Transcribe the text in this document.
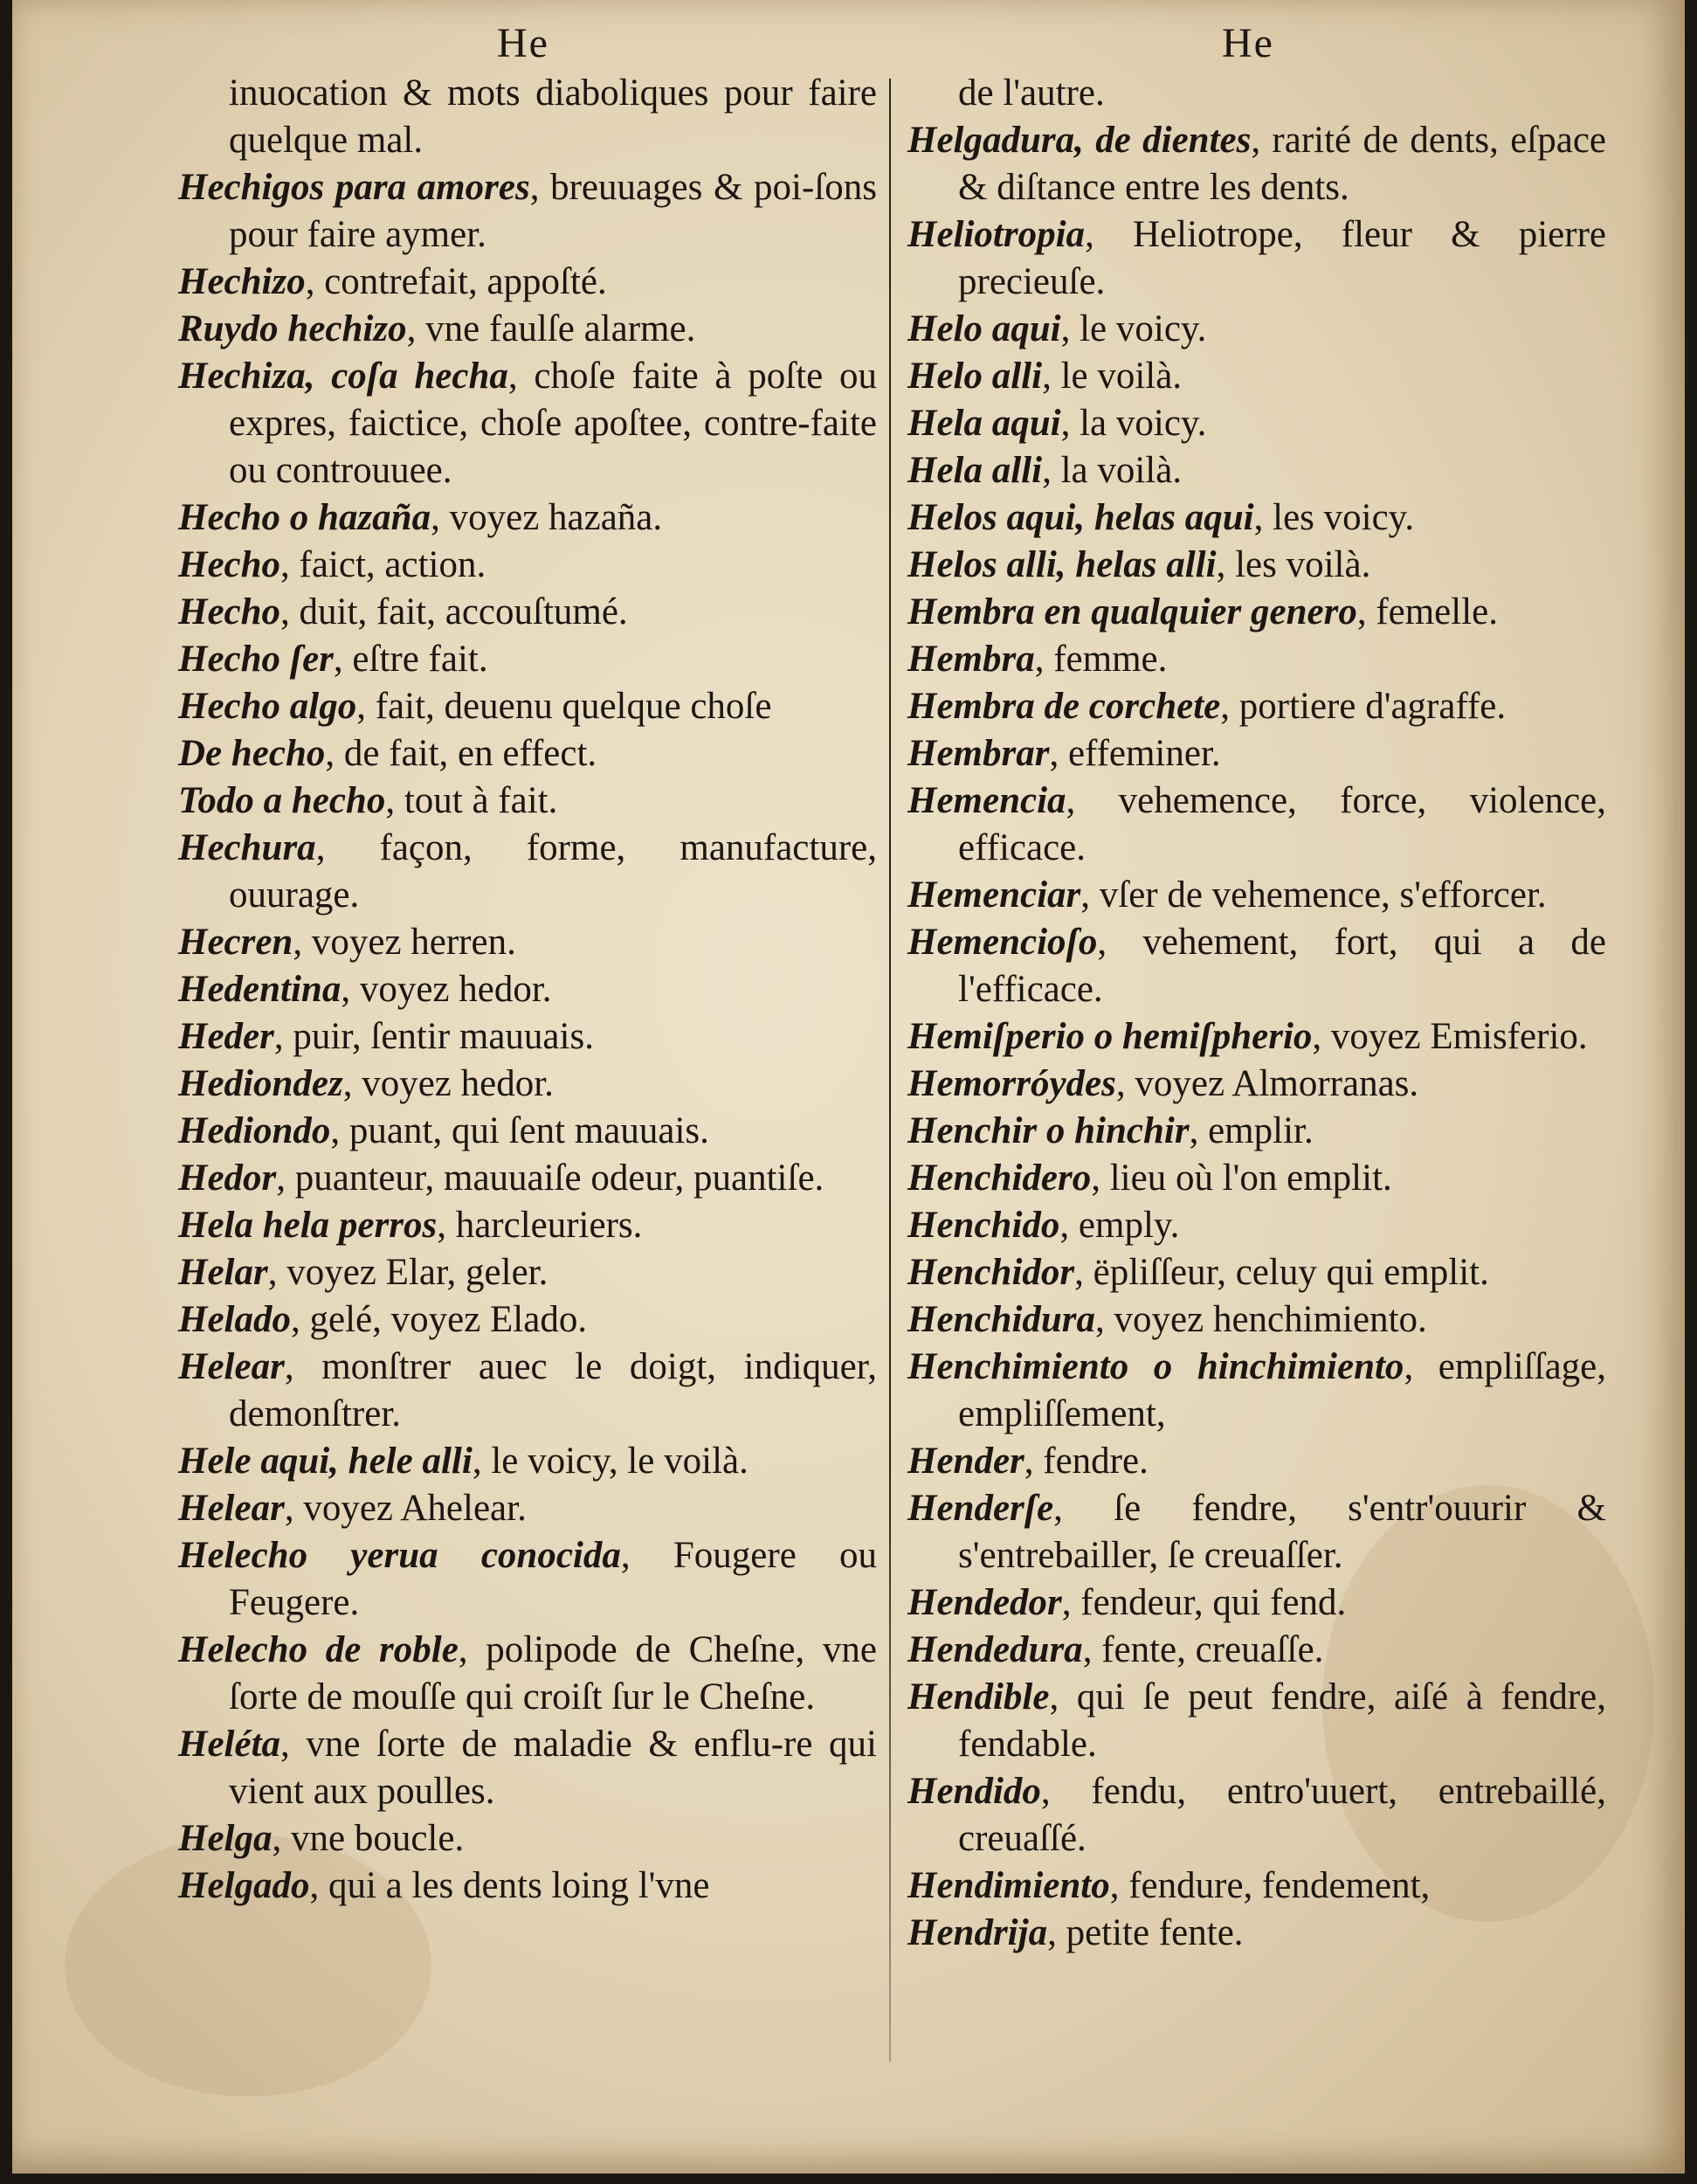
He	He
inuocation & mots diaboliques pour faire quelque mal.
Hechigos para amores, breuuages & poi-ſons pour faire aymer.
Hechizo, contrefait, appoſté.
Ruydo hechizo, vne faulſe alarme.
Hechiza, coſa hecha, choſe faite à poſte ou expres, faictice, choſe apoſtee, contre-faite ou controuuee.
Hecho o hazaña, voyez hazaña.
Hecho, faict, action.
Hecho, duit, fait, accouſtumé.
Hecho ſer, eſtre fait.
Hecho algo, fait, deuenu quelque choſe
De hecho, de fait, en effect.
Todo a hecho, tout à fait.
Hechura, façon, forme, manufacture, ouurage.
Hecren, voyez herren.
Hedentina, voyez hedor.
Heder, puir, ſentir mauuais.
Hediondez, voyez hedor.
Hediondo, puant, qui ſent mauuais.
Hedor, puanteur, mauuaiſe odeur, puantiſe.
Hela hela perros, harcleuriers.
Helar, voyez Elar, geler.
Helado, gelé, voyez Elado.
Helear, monſtrer auec le doigt, indiquer, demonſtrer.
Hele aqui, hele alli, le voicy, le voilà.
Helear, voyez Ahelear.
Helecho yerua conocida, Fougere ou Feugere.
Helecho de roble, polipode de Cheſne, vne ſorte de mouſſe qui croiſt ſur le Cheſne.
Heléta, vne ſorte de maladie & enflu-re qui vient aux poulles.
Helga, vne boucle.
Helgado, qui a les dents loing l'vne
de l'autre.
Helgadura, de dientes, rarité de dents, eſpace & diſtance entre les dents.
Heliotropia, Heliotrope, fleur & pierre precieuſe.
Helo aqui, le voicy.
Helo alli, le voilà.
Hela aqui, la voicy.
Hela alli, la voilà.
Helos aqui, helas aqui, les voicy.
Helos alli, helas alli, les voilà.
Hembra en qualquier genero, femelle.
Hembra, femme.
Hembra de corchete, portiere d'agraffe.
Hembrar, effeminer.
Hemencia, vehemence, force, violence, efficace.
Hemenciar, vſer de vehemence, s'efforcer.
Hemencioſo, vehement, fort, qui a de l'efficace.
Hemiſperio o hemiſpherio, voyez Emisferio.
Hemorróydes, voyez Almorranas.
Henchir o hinchir, emplir.
Henchidero, lieu où l'on emplit.
Henchido, emply.
Henchidor, ëpliſſeur, celuy qui emplit.
Henchidura, voyez henchimiento.
Henchimiento o hinchimiento, empliſſage, empliſſement,
Hender, fendre.
Henderſe, ſe fendre, s'entr'ouurir & s'entrebailler, ſe creuaſſer.
Hendedor, fendeur, qui fend.
Hendedura, fente, creuaſſe.
Hendible, qui ſe peut fendre, aiſé à fendre, fendable.
Hendido, fendu, entro'uuert, entrebaillé, creuaſſé.
Hendimiento, fendure, fendement,
Hendrija, petite fente.
